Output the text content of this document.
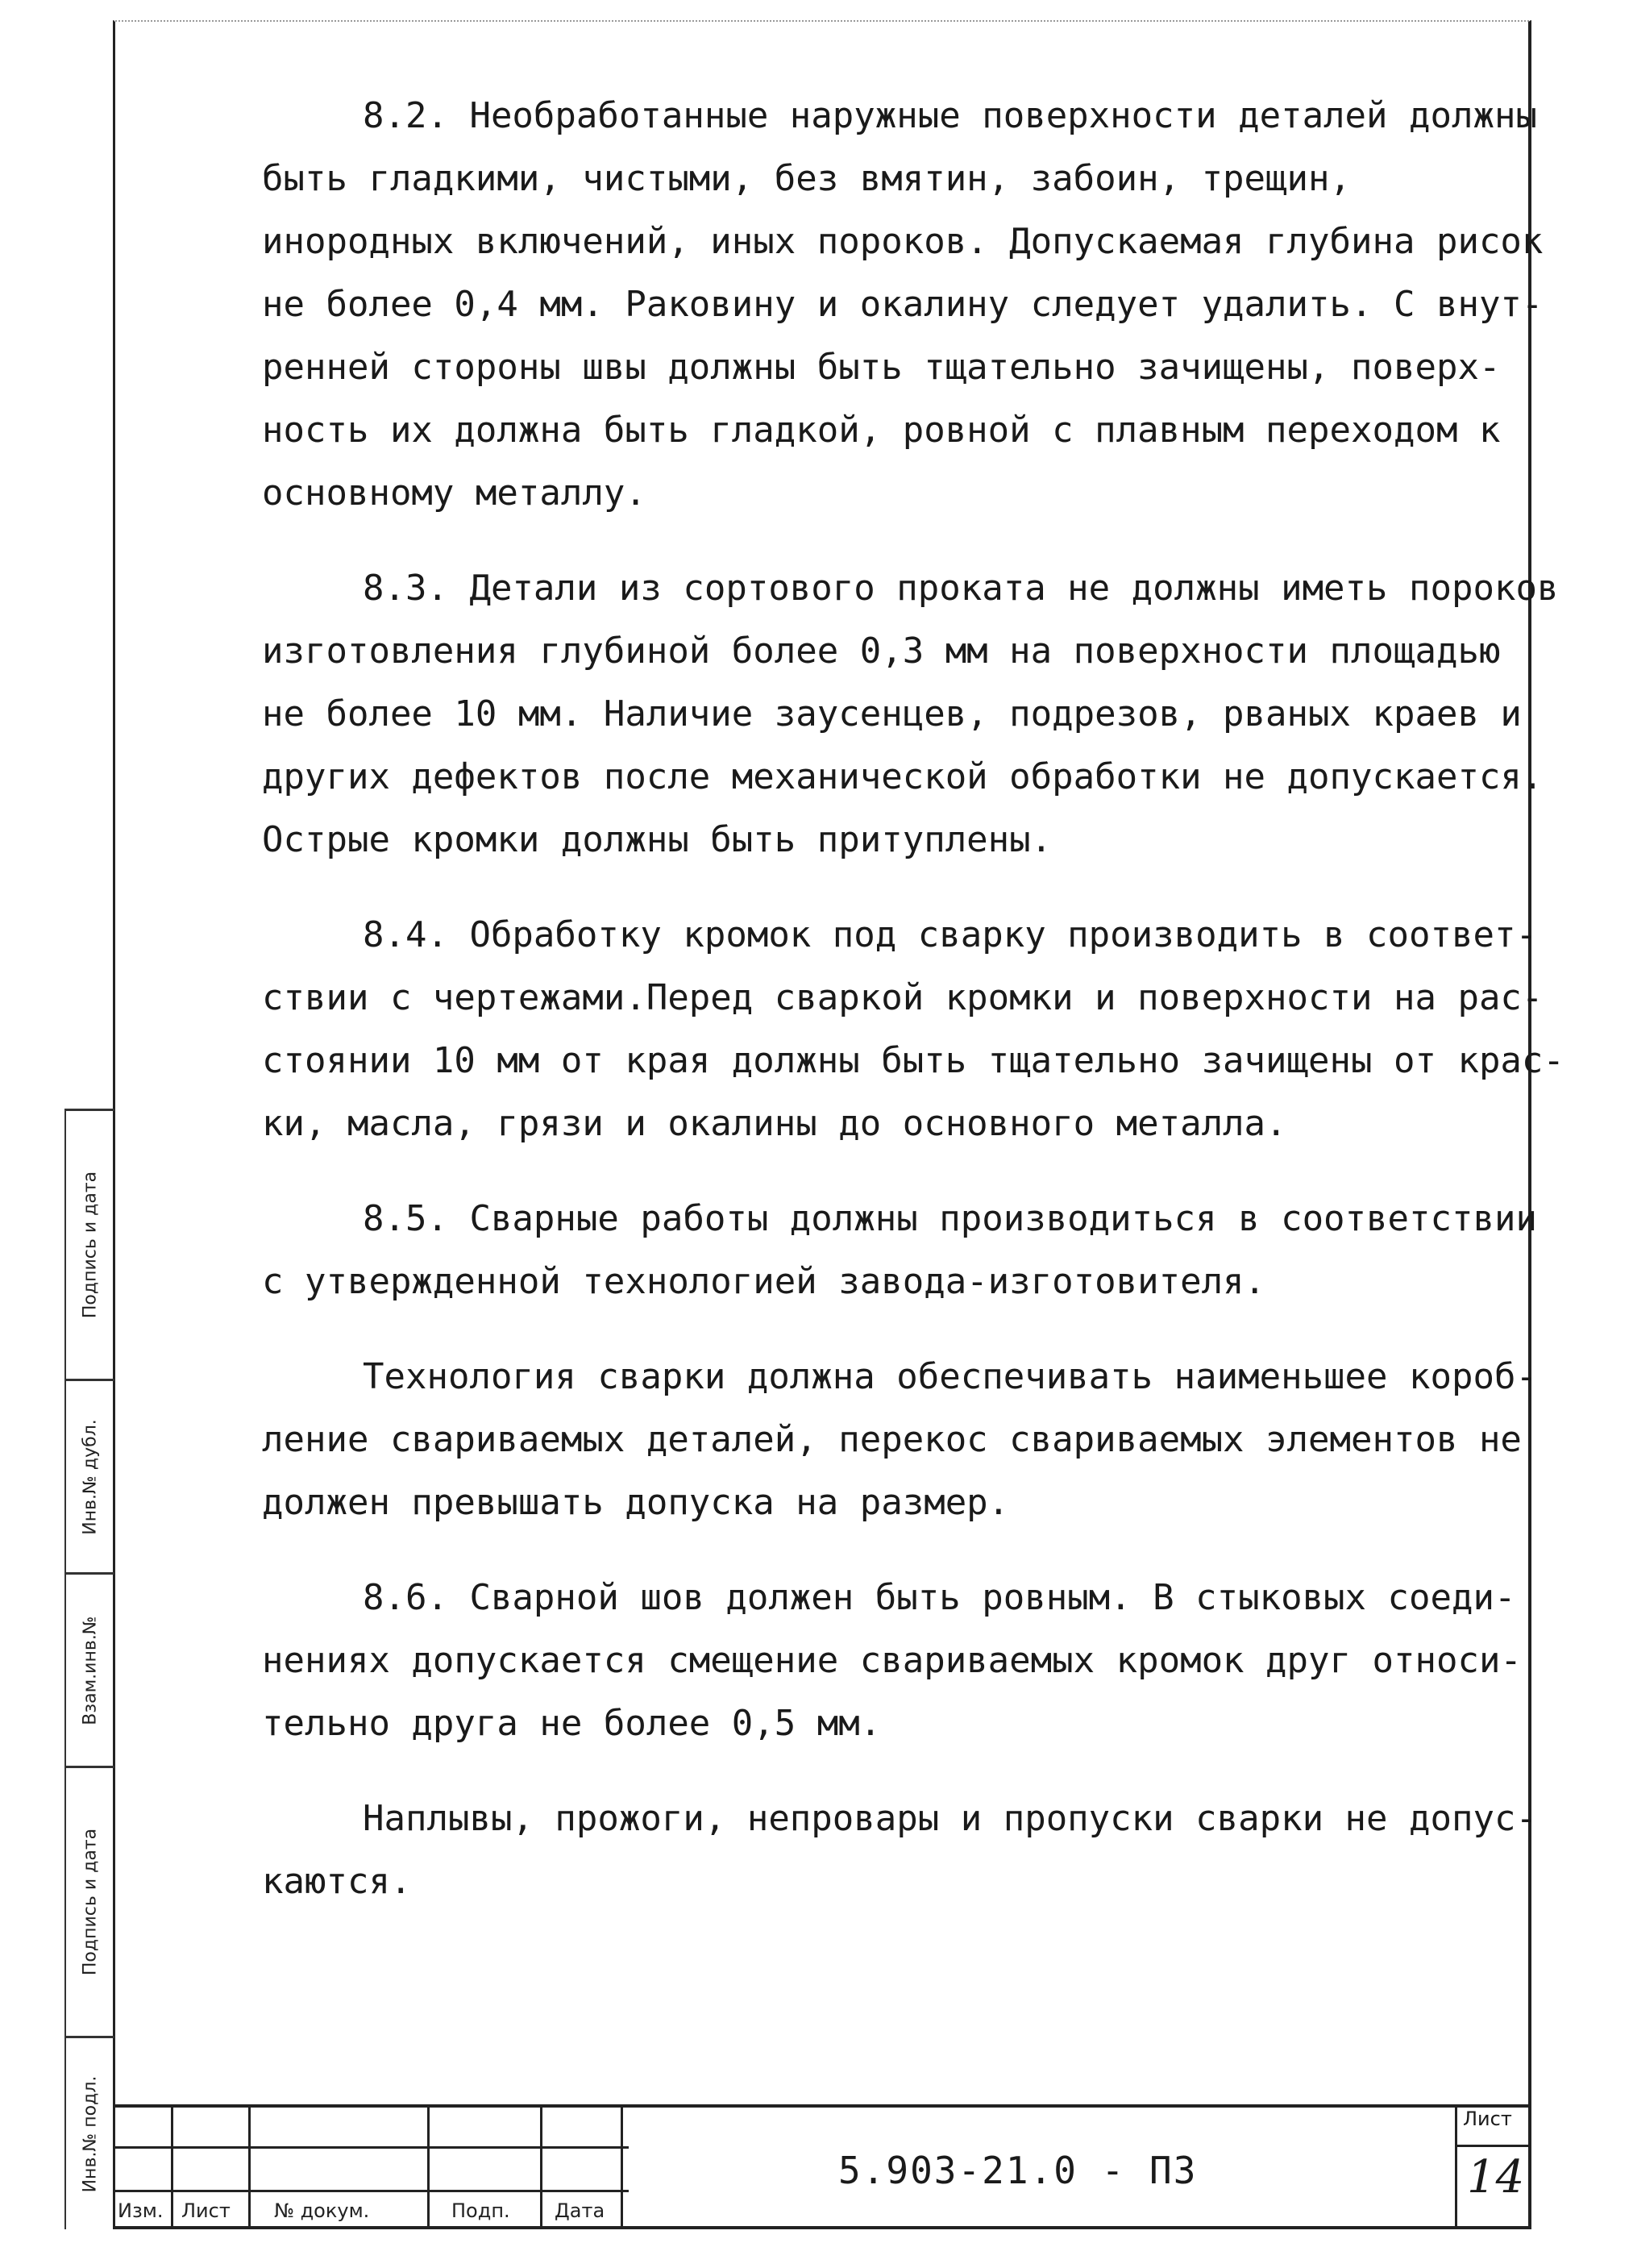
8.2. Необработанные наружные поверхности деталей должны
быть гладкими, чистыми, без вмятин, забоин, трещин,
инородных включений, иных пороков. Допускаемая глубина рисок
не более 0,4 мм. Раковину и окалину следует удалить. С внут-
ренней стороны швы должны быть тщательно зачищены, поверх-
ность их должна быть гладкой, ровной с плавным переходом к
основному металлу.
8.3. Детали из сортового проката не должны иметь пороков
изготовления глубиной более 0,3 мм на поверхности площадью
не более 10 мм. Наличие заусенцев, подрезов, рваных краев и
других дефектов после механической обработки не допускается.
Острые кромки должны быть притуплены.
8.4. Обработку кромок под сварку производить в соответ-
ствии с чертежами.Перед сваркой кромки и поверхности на рас-
стоянии 10 мм от края должны быть тщательно зачищены от крас-
ки, масла, грязи и окалины до основного металла.
8.5. Сварные работы должны производиться в соответствии
с утвержденной технологией завода-изготовителя.
Технология сварки должна обеспечивать наименьшее короб-
ление свариваемых деталей, перекос свариваемых элементов не
должен превышать допуска на размер.
8.6. Сварной шов должен быть ровным. В стыковых соеди-
нениях допускается смещение свариваемых кромок друг относи-
тельно друга не более 0,5 мм.
Наплывы, прожоги, непровары и пропуски сварки не допус-
каются.
Подпись и дата
Инв.№ дубл.
Взам.инв.№
Подпись и дата
Инв.№ подл.
Изм. Лист № докум.	Подп. Дата
5.903-21.0 - ПЗ
Лист
14
